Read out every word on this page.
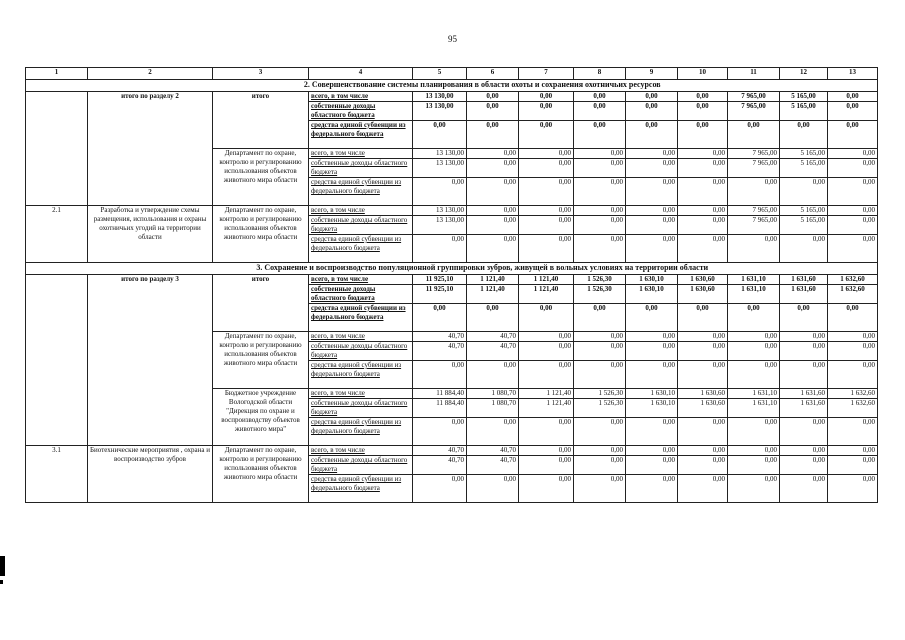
95
1	2	3	4	5	6	7	8	9	10	11	12	13
	2. Совершенствование системы планирования в области охоты и сохранения охотничьих ресурсов											
	итого по разделу 2	итого	всего, в том числе	13 130,00	0,00	0,00	0,00	0,00	0,00	7 965,00	5 165,00	0,00
			собственные доходы областного бюджета	13 130,00	0,00	0,00	0,00	0,00	0,00	7 965,00	5 165,00	0,00
			средства единой субвенции из федерального бюджета	0,00	0,00	0,00	0,00	0,00	0,00	0,00	0,00	0,00
		Департамент по охране, контролю и регулированию использования объектов животного мира области	всего, в том числе	13 130,00	0,00	0,00	0,00	0,00	0,00	7 965,00	5 165,00	0,00
			собственные доходы областного бюджета	13 130,00	0,00	0,00	0,00	0,00	0,00	7 965,00	5 165,00	0,00
			средства единой субвенции из федерального бюджета	0,00	0,00	0,00	0,00	0,00	0,00	0,00	0,00	0,00
2.1	Разработка и утверждение схемы размещения, использования и охраны охотничьих угодий на территории области	Департамент по охране, контролю и регулированию использования объектов животного мира области	всего, в том числе	13 130,00	0,00	0,00	0,00	0,00	0,00	7 965,00	5 165,00	0,00
			собственные доходы областного бюджета	13 130,00	0,00	0,00	0,00	0,00	0,00	7 965,00	5 165,00	0,00
			средства единой субвенции из федерального бюджета	0,00	0,00	0,00	0,00	0,00	0,00	0,00	0,00	0,00
	3. Сохранение и воспроизводство популяционной группировки зубров, живущей в вольных условиях на территории области											
	итого по разделу 3	итого	всего, в том числе	11 925,10	1 121,40	1 121,40	1 526,30	1 630,10	1 630,60	1 631,10	1 631,60	1 632,60
			собственные доходы областного бюджета	11 925,10	1 121,40	1 121,40	1 526,30	1 630,10	1 630,60	1 631,10	1 631,60	1 632,60
			средства единой субвенции из федерального бюджета	0,00	0,00	0,00	0,00	0,00	0,00	0,00	0,00	0,00
		Департамент по охране, контролю и регулированию использования объектов животного мира области	всего, в том числе	40,70	40,70	0,00	0,00	0,00	0,00	0,00	0,00	0,00
			собственные доходы областного бюджета	40,70	40,70	0,00	0,00	0,00	0,00	0,00	0,00	0,00
			средства единой субвенции из федерального бюджета	0,00	0,00	0,00	0,00	0,00	0,00	0,00	0,00	0,00
		Бюджетное учреждение Вологодской области "Дирекция по охране и воспроизводству объектов животного мира"	всего, в том числе	11 884,40	1 080,70	1 121,40	1 526,30	1 630,10	1 630,60	1 631,10	1 631,60	1 632,60
			собственные доходы областного бюджета	11 884,40	1 080,70	1 121,40	1 526,30	1 630,10	1 630,60	1 631,10	1 631,60	1 632,60
			средства единой субвенции из федерального бюджета	0,00	0,00	0,00	0,00	0,00	0,00	0,00	0,00	0,00
3.1	Биотехнические мероприятия , охрана и воспроизводство зубров	Департамент по охране, контролю и регулированию использования объектов животного мира области	всего, в том числе	40,70	40,70	0,00	0,00	0,00	0,00	0,00	0,00	0,00
			собственные доходы областного бюджета	40,70	40,70	0,00	0,00	0,00	0,00	0,00	0,00	0,00
			средства единой субвенции из федерального бюджета	0,00	0,00	0,00	0,00	0,00	0,00	0,00	0,00	0,00
